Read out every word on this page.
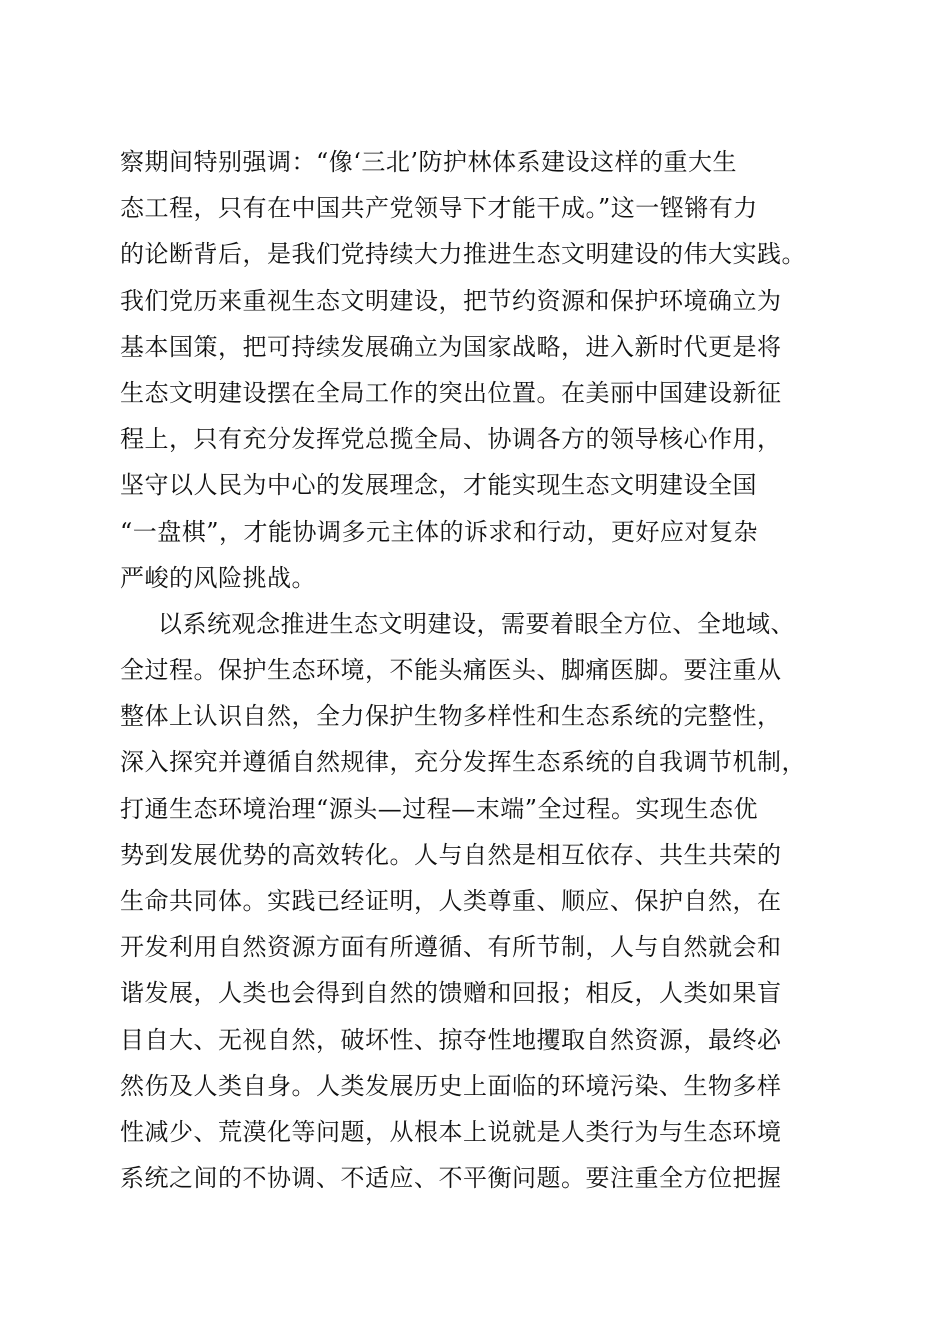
察期间特别强调：“像‘三北’防护林体系建设这样的重大生
态工程，只有在中国共产党领导下才能干成。”这一铿锵有力
的论断背后，是我们党持续大力推进生态文明建设的伟大实践。
我们党历来重视生态文明建设，把节约资源和保护环境确立为
基本国策，把可持续发展确立为国家战略，进入新时代更是将
生态文明建设摆在全局工作的突出位置。在美丽中国建设新征
程上，只有充分发挥党总揽全局、协调各方的领导核心作用，
坚守以人民为中心的发展理念，才能实现生态文明建设全国
“一盘棋”，才能协调多元主体的诉求和行动，更好应对复杂
严峻的风险挑战。
以系统观念推进生态文明建设，需要着眼全方位、全地域、
全过程。保护生态环境，不能头痛医头、脚痛医脚。要注重从
整体上认识自然，全力保护生物多样性和生态系统的完整性，
深入探究并遵循自然规律，充分发挥生态系统的自我调节机制，
打通生态环境治理“源头—过程—末端”全过程。实现生态优
势到发展优势的高效转化。人与自然是相互依存、共生共荣的
生命共同体。实践已经证明，人类尊重、顺应、保护自然，在
开发利用自然资源方面有所遵循、有所节制，人与自然就会和
谐发展，人类也会得到自然的馈赠和回报；相反，人类如果盲
目自大、无视自然，破坏性、掠夺性地攫取自然资源，最终必
然伤及人类自身。人类发展历史上面临的环境污染、生物多样
性减少、荒漠化等问题，从根本上说就是人类行为与生态环境
系统之间的不协调、不适应、不平衡问题。要注重全方位把握
